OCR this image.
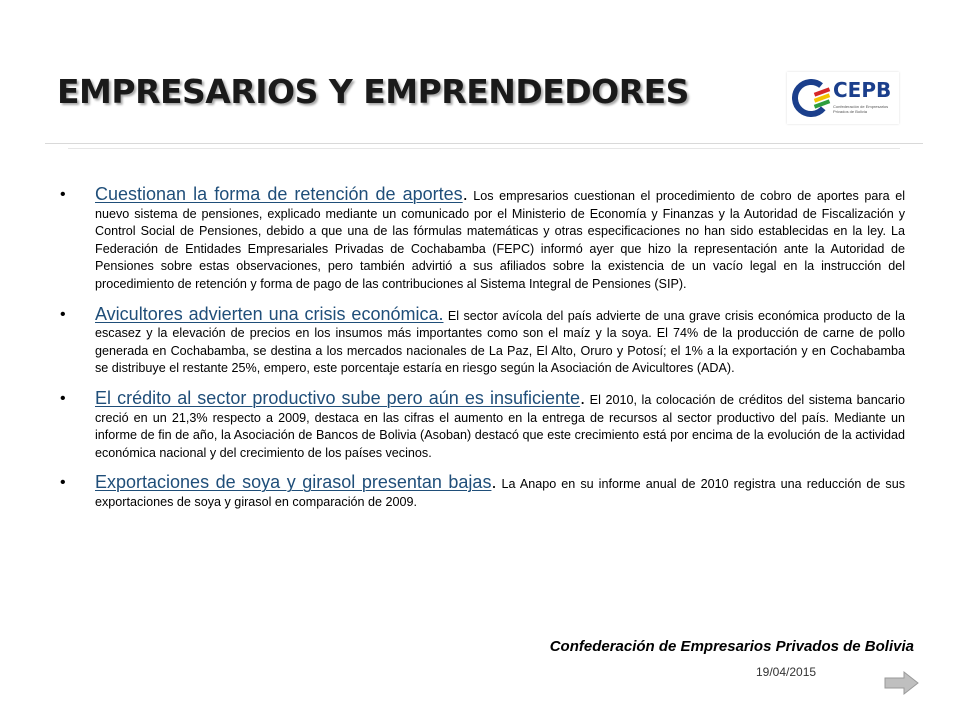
EMPRESARIOS Y EMPRENDEDORES	CEPB
Confederación de Empresarios Privados de Bolivia
• Cuestionan la forma de retención de aportes. Los empresarios cuestionan el procedimiento de cobro de aportes para el nuevo sistema de pensiones, explicado mediante un comunicado por el Ministerio de Economía y Finanzas y la Autoridad de Fiscalización y Control Social de Pensiones, debido a que una de las fórmulas matemáticas y otras especificaciones no han sido establecidas en la ley. La Federación de Entidades Empresariales Privadas de Cochabamba (FEPC) informó ayer que hizo la representación ante la Autoridad de Pensiones sobre estas observaciones, pero también advirtió a sus afiliados sobre la existencia de un vacío legal en la instrucción del procedimiento de retención y forma de pago de las contribuciones al Sistema Integral de Pensiones (SIP).
• Avicultores advierten una crisis económica. El sector avícola del país advierte de una grave crisis económica producto de la escasez y la elevación de precios en los insumos más importantes como son el maíz y la soya. El 74% de la producción de carne de pollo generada en Cochabamba, se destina a los mercados nacionales de La Paz, El Alto, Oruro y Potosí; el 1% a la exportación y en Cochabamba se distribuye el restante 25%, empero, este porcentaje estaría en riesgo según la Asociación de Avicultores (ADA).
• El crédito al sector productivo sube pero aún es insuficiente. El 2010, la colocación de créditos del sistema bancario creció en un 21,3% respecto a 2009, destaca en las cifras el aumento en la entrega de recursos al sector productivo del país. Mediante un informe de fin de año, la Asociación de Bancos de Bolivia (Asoban) destacó que este crecimiento está por encima de la evolución de la actividad económica nacional y del crecimiento de los países vecinos.
• Exportaciones de soya y girasol presentan bajas. La Anapo en su informe anual de 2010 registra una reducción de sus exportaciones de soya y girasol en comparación de 2009.
Confederación de Empresarios Privados de Bolivia
19/04/2015
